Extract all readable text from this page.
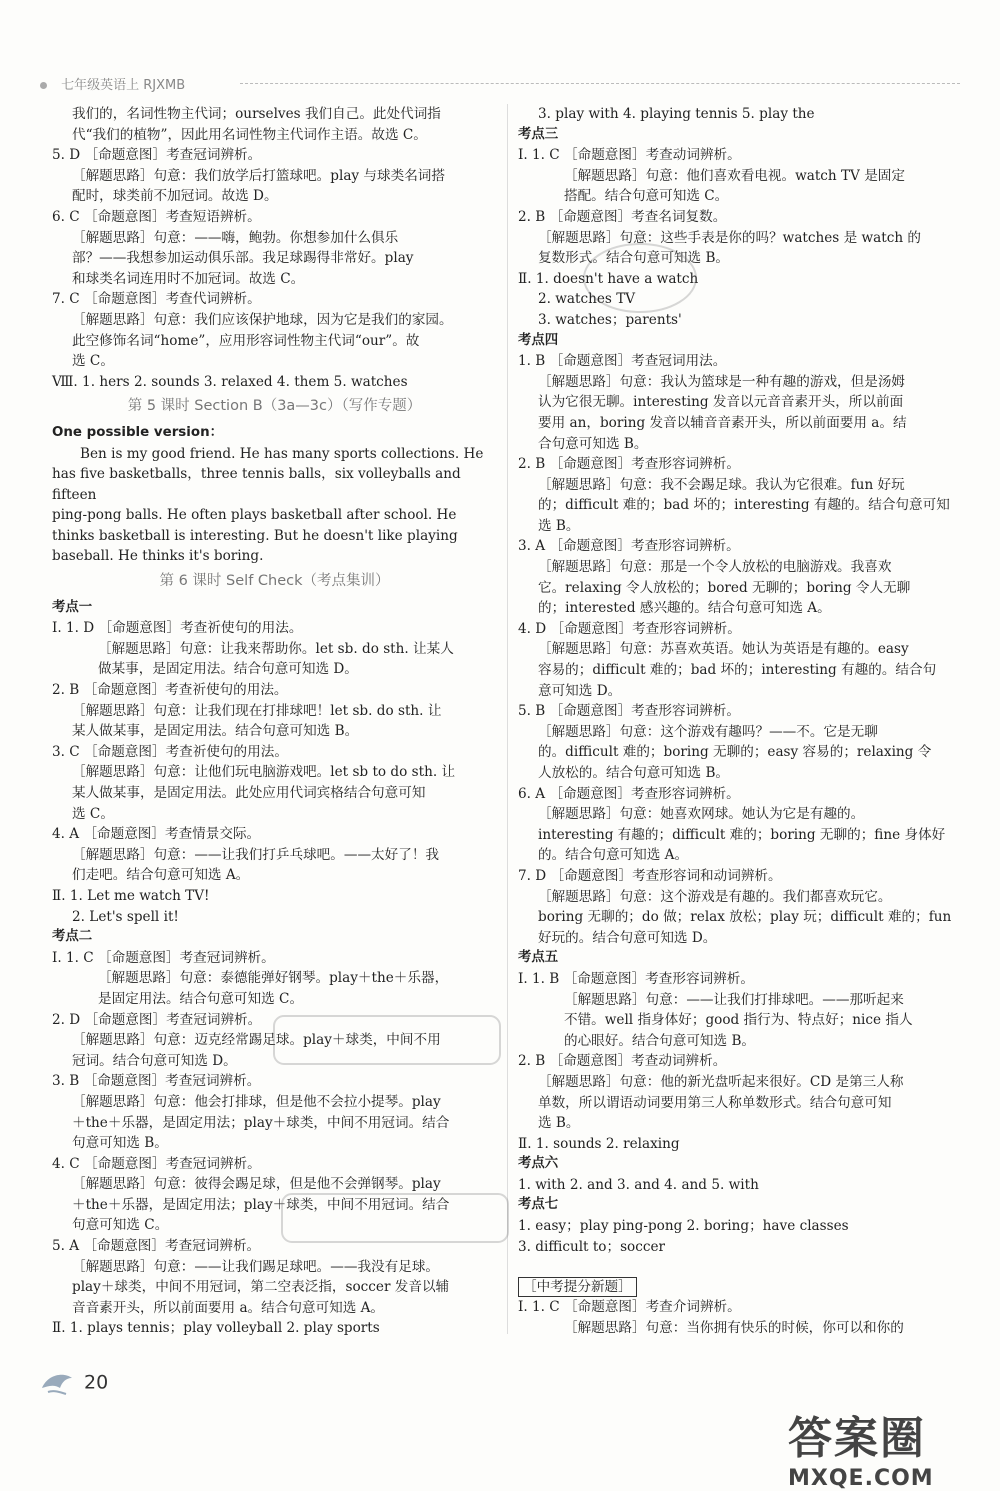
七年级英语上 RJXMB

我们的，名词性物主代词；ourselves 我们自己。此处代词指

代“我们的植物”，因此用名词性物主代词作主语。故选 C。

5. D ［命题意图］考查冠词辨析。

［解题思路］句意：我们放学后打篮球吧。play 与球类名词搭

配时，球类前不加冠词。故选 D。

6. C ［命题意图］考查短语辨析。

［解题思路］句意：——嗨，鲍勃。你想参加什么俱乐

部？——我想参加运动俱乐部。我足球踢得非常好。play

和球类名词连用时不加冠词。故选 C。

7. C ［命题意图］考查代词辨析。

［解题思路］句意：我们应该保护地球，因为它是我们的家园。

此空修饰名词“home”，应用形容词性物主代词“our”。故

选 C。

Ⅷ. 1. hers 2. sounds 3. relaxed 4. them 5. watches

第 5 课时 Section B（3a—3c）（写作专题）

One possible version：

Ben is my good friend. He has many sports collections. He

has five basketballs，three tennis balls，six volleyballs and fifteen

ping-pong balls. He often plays basketball after school. He

thinks basketball is interesting. But he doesn't like playing

baseball. He thinks it's boring.

第 6 课时 Self Check（考点集训）

考点一

Ⅰ. 1. D ［命题意图］考查祈使句的用法。

［解题思路］句意：让我来帮助你。let sb. do sth. 让某人

做某事，是固定用法。结合句意可知选 D。

2. B ［命题意图］考查祈使句的用法。

［解题思路］句意：让我们现在打排球吧！let sb. do sth. 让

某人做某事，是固定用法。结合句意可知选 B。

3. C ［命题意图］考查祈使句的用法。

［解题思路］句意：让他们玩电脑游戏吧。let sb to do sth. 让

某人做某事，是固定用法。此处应用代词宾格结合句意可知

选 C。

4. A ［命题意图］考查情景交际。

［解题思路］句意：——让我们打乒乓球吧。——太好了！我

们走吧。结合句意可知选 A。

Ⅱ. 1. Let me watch TV!

2. Let's spell it!

考点二

Ⅰ. 1. C ［命题意图］考查冠词辨析。

［解题思路］句意：泰德能弹好钢琴。play＋the＋乐器，

是固定用法。结合句意可知选 C。

2. D ［命题意图］考查冠词辨析。

［解题思路］句意：迈克经常踢足球。play＋球类，中间不用

冠词。结合句意可知选 D。

3. B ［命题意图］考查冠词辨析。

［解题思路］句意：他会打排球，但是他不会拉小提琴。play

＋the＋乐器，是固定用法；play＋球类，中间不用冠词。结合

句意可知选 B。

4. C ［命题意图］考查冠词辨析。

［解题思路］句意：彼得会踢足球，但是他不会弹钢琴。play

＋the＋乐器，是固定用法；play＋球类，中间不用冠词。结合

句意可知选 C。

5. A ［命题意图］考查冠词辨析。

［解题思路］句意：——让我们踢足球吧。——我没有足球。

play＋球类，中间不用冠词，第二空表泛指，soccer 发音以辅

音音素开头，所以前面要用 a。结合句意可知选 A。

Ⅱ. 1. plays tennis；play volleyball 2. play sports

3. play with 4. playing tennis 5. play the

考点三

Ⅰ. 1. C ［命题意图］考查动词辨析。

［解题思路］句意：他们喜欢看电视。watch TV 是固定

搭配。结合句意可知选 C。

2. B ［命题意图］考查名词复数。

［解题思路］句意：这些手表是你的吗？watches 是 watch 的

复数形式。结合句意可知选 B。

Ⅱ. 1. doesn't have a watch

2. watches TV

3. watches；parents'

考点四

1. B ［命题意图］考查冠词用法。

［解题思路］句意：我认为篮球是一种有趣的游戏，但是汤姆

认为它很无聊。interesting 发音以元音音素开头，所以前面

要用 an，boring 发音以辅音音素开头，所以前面要用 a。结

合句意可知选 B。

2. B ［命题意图］考查形容词辨析。

［解题思路］句意：我不会踢足球。我认为它很难。fun 好玩

的；difficult 难的；bad 坏的；interesting 有趣的。结合句意可知

选 B。

3. A ［命题意图］考查形容词辨析。

［解题思路］句意：那是一个令人放松的电脑游戏。我喜欢

它。relaxing 令人放松的；bored 无聊的；boring 令人无聊

的；interested 感兴趣的。结合句意可知选 A。

4. D ［命题意图］考查形容词辨析。

［解题思路］句意：苏喜欢英语。她认为英语是有趣的。easy

容易的；difficult 难的；bad 坏的；interesting 有趣的。结合句

意可知选 D。

5. B ［命题意图］考查形容词辨析。

［解题思路］句意：这个游戏有趣吗？——不。它是无聊

的。difficult 难的；boring 无聊的；easy 容易的；relaxing 令

人放松的。结合句意可知选 B。

6. A ［命题意图］考查形容词辨析。

［解题思路］句意：她喜欢网球。她认为它是有趣的。

interesting 有趣的；difficult 难的；boring 无聊的；fine 身体好

的。结合句意可知选 A。

7. D ［命题意图］考查形容词和动词辨析。

［解题思路］句意：这个游戏是有趣的。我们都喜欢玩它。

boring 无聊的；do 做；relax 放松；play 玩；difficult 难的；fun

好玩的。结合句意可知选 D。

考点五

Ⅰ. 1. B ［命题意图］考查形容词辨析。

［解题思路］句意：——让我们打排球吧。——那听起来

不错。well 指身体好；good 指行为、特点好；nice 指人

的心眼好。结合句意可知选 B。

2. B ［命题意图］考查动词辨析。

［解题思路］句意：他的新光盘听起来很好。CD 是第三人称

单数，所以谓语动词要用第三人称单数形式。结合句意可知

选 B。

Ⅱ. 1. sounds 2. relaxing

考点六

1. with 2. and 3. and 4. and 5. with

考点七

1. easy；play ping-pong 2. boring；have classes

3. difficult to；soccer

［中考提分新题］

Ⅰ. 1. C ［命题意图］考查介词辨析。

［解题思路］句意：当你拥有快乐的时候，你可以和你的

20
答案圈
MXQE.COM
